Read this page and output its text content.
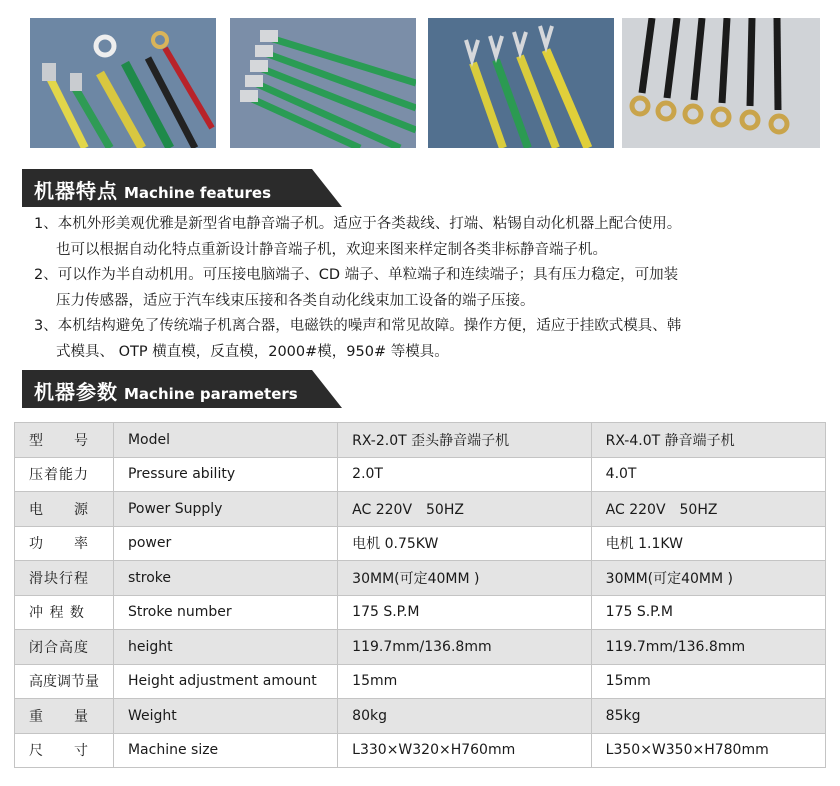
机器特点 Machine features

1、本机外形美观优雅是新型省电静音端子机。适应于各类裁线、打端、粘锡自动化机器上配合使用。
也可以根据自动化特点重新设计静音端子机，欢迎来图来样定制各类非标静音端子机。

2、可以作为半自动机用。可压接电脑端子、CD 端子、单粒端子和连续端子；具有压力稳定，可加装
压力传感器，适应于汽车线束压接和各类自动化线束加工设备的端子压接。

3、本机结构避免了传统端子机离合器，电磁铁的噪声和常见故障。操作方便，适应于挂欧式模具、韩
式模具、 OTP 横直模，反直模，2000#模，950# 等模具。

机器参数 Machine parameters
型　　号	Model	RX-2.0T 歪头静音端子机	RX-4.0T 静音端子机
压着能力	Pressure ability	2.0T	4.0T
电　　源	Power Supply	AC 220V　50HZ	AC 220V　50HZ
功　　率	power	电机 0.75KW	电机 1.1KW
滑块行程	stroke	30MM(可定40MM )	30MM(可定40MM )
冲 程 数	Stroke number	175 S.P.M	175 S.P.M
闭合高度	height	119.7mm/136.8mm	119.7mm/136.8mm
高度调节量	Height adjustment amount	15mm	15mm
重　　量	Weight	80kg	85kg
尺　　寸	Machine size	L330×W320×H760mm	L350×W350×H780mm
